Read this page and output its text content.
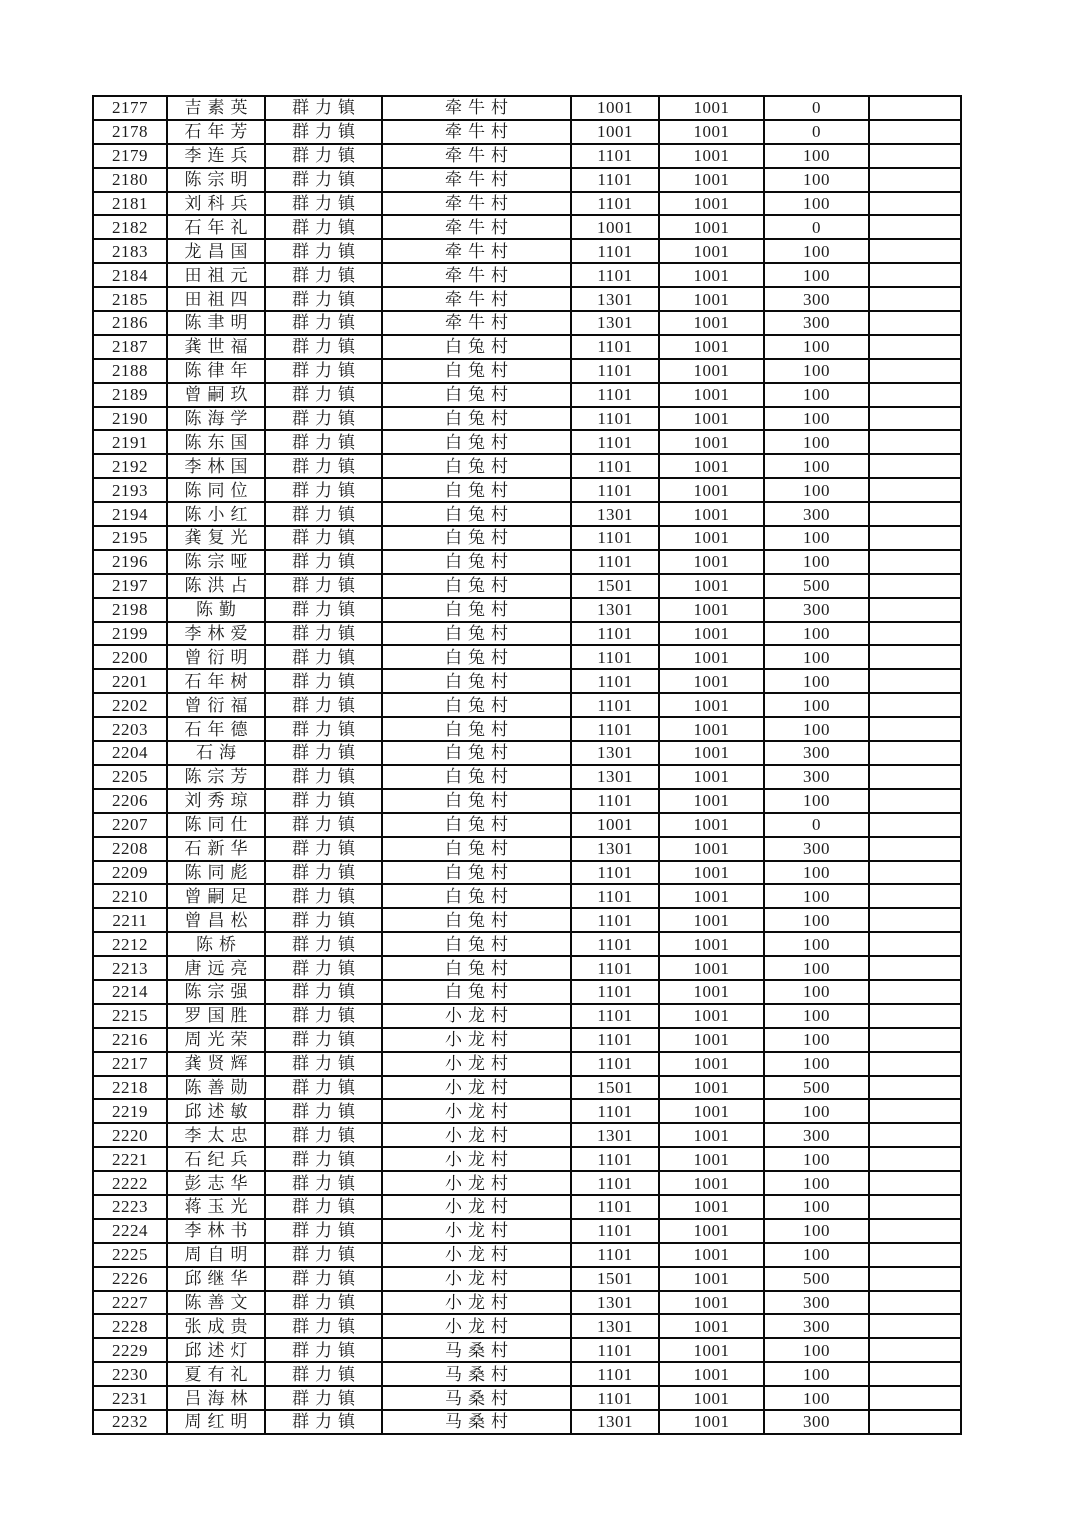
2177	吉素英	群力镇	牵牛村	1001	1001	0	
2178	石年芳	群力镇	牵牛村	1001	1001	0	
2179	李连兵	群力镇	牵牛村	1101	1001	100	
2180	陈宗明	群力镇	牵牛村	1101	1001	100	
2181	刘科兵	群力镇	牵牛村	1101	1001	100	
2182	石年礼	群力镇	牵牛村	1001	1001	0	
2183	龙昌国	群力镇	牵牛村	1101	1001	100	
2184	田祖元	群力镇	牵牛村	1101	1001	100	
2185	田祖四	群力镇	牵牛村	1301	1001	300	
2186	陈聿明	群力镇	牵牛村	1301	1001	300	
2187	龚世福	群力镇	白兔村	1101	1001	100	
2188	陈律年	群力镇	白兔村	1101	1001	100	
2189	曾嗣玖	群力镇	白兔村	1101	1001	100	
2190	陈海学	群力镇	白兔村	1101	1001	100	
2191	陈东国	群力镇	白兔村	1101	1001	100	
2192	李林国	群力镇	白兔村	1101	1001	100	
2193	陈同位	群力镇	白兔村	1101	1001	100	
2194	陈小红	群力镇	白兔村	1301	1001	300	
2195	龚复光	群力镇	白兔村	1101	1001	100	
2196	陈宗哑	群力镇	白兔村	1101	1001	100	
2197	陈洪占	群力镇	白兔村	1501	1001	500	
2198	陈勤	群力镇	白兔村	1301	1001	300	
2199	李林爱	群力镇	白兔村	1101	1001	100	
2200	曾衍明	群力镇	白兔村	1101	1001	100	
2201	石年树	群力镇	白兔村	1101	1001	100	
2202	曾衍福	群力镇	白兔村	1101	1001	100	
2203	石年德	群力镇	白兔村	1101	1001	100	
2204	石海	群力镇	白兔村	1301	1001	300	
2205	陈宗芳	群力镇	白兔村	1301	1001	300	
2206	刘秀琼	群力镇	白兔村	1101	1001	100	
2207	陈同仕	群力镇	白兔村	1001	1001	0	
2208	石新华	群力镇	白兔村	1301	1001	300	
2209	陈同彪	群力镇	白兔村	1101	1001	100	
2210	曾嗣足	群力镇	白兔村	1101	1001	100	
2211	曾昌松	群力镇	白兔村	1101	1001	100	
2212	陈桥	群力镇	白兔村	1101	1001	100	
2213	唐远亮	群力镇	白兔村	1101	1001	100	
2214	陈宗强	群力镇	白兔村	1101	1001	100	
2215	罗国胜	群力镇	小龙村	1101	1001	100	
2216	周光荣	群力镇	小龙村	1101	1001	100	
2217	龚贤辉	群力镇	小龙村	1101	1001	100	
2218	陈善勋	群力镇	小龙村	1501	1001	500	
2219	邱述敏	群力镇	小龙村	1101	1001	100	
2220	李太忠	群力镇	小龙村	1301	1001	300	
2221	石纪兵	群力镇	小龙村	1101	1001	100	
2222	彭志华	群力镇	小龙村	1101	1001	100	
2223	蒋玉光	群力镇	小龙村	1101	1001	100	
2224	李林书	群力镇	小龙村	1101	1001	100	
2225	周自明	群力镇	小龙村	1101	1001	100	
2226	邱继华	群力镇	小龙村	1501	1001	500	
2227	陈善文	群力镇	小龙村	1301	1001	300	
2228	张成贵	群力镇	小龙村	1301	1001	300	
2229	邱述灯	群力镇	马桑村	1101	1001	100	
2230	夏有礼	群力镇	马桑村	1101	1001	100	
2231	吕海林	群力镇	马桑村	1101	1001	100	
2232	周红明	群力镇	马桑村	1301	1001	300	
